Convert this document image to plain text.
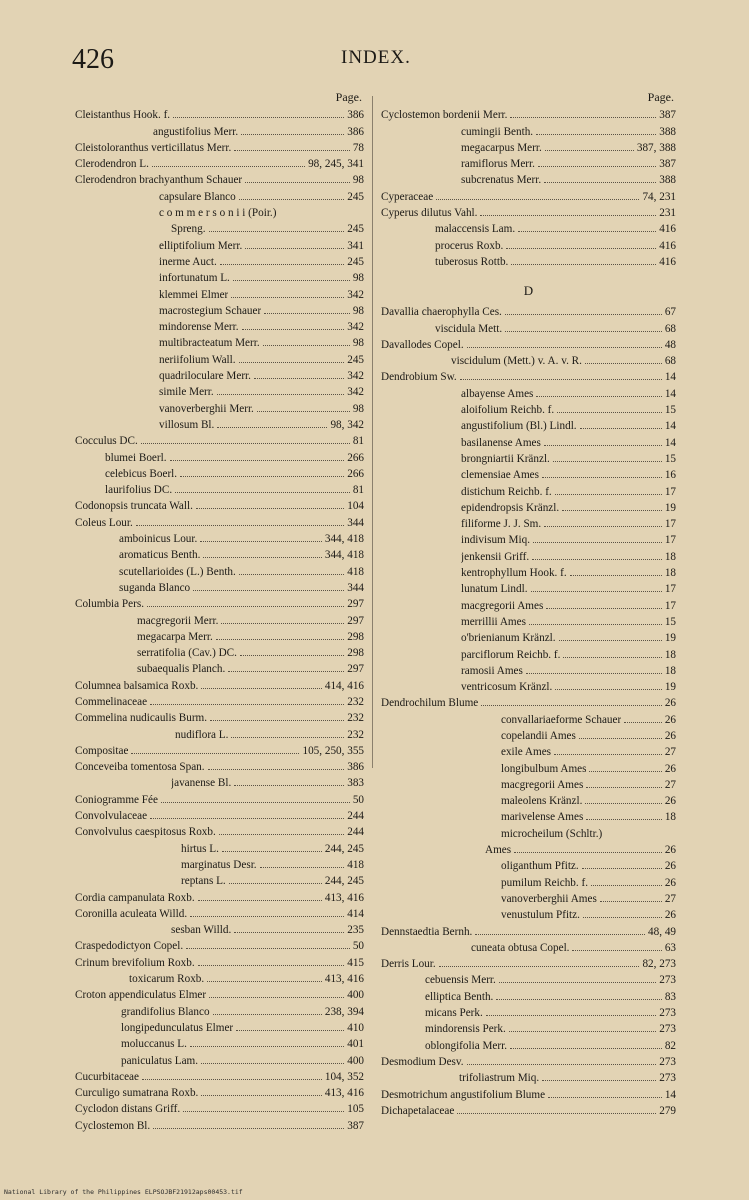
426	INDEX.
Page.
Cleistanthus Hook. f.	386
angustifolius Merr.	386
Cleistoloranthus verticillatus Merr.	78
Clerodendron L.	98, 245, 341
Clerodendron brachyanthum Schauer	98
capsulare Blanco	245
c o m m e r s o n i i (Poir.)
Spreng.	245
elliptifolium Merr.	341
inerme Auct.	245
infortunatum L.	98
klemmei Elmer	342
macrostegium Schauer	98
mindorense Merr.	342
multibracteatum Merr.	98
neriifolium Wall.	245
quadriloculare Merr.	342
simile Merr.	342
vanoverberghii Merr.	98
villosum Bl.	98, 342
Cocculus DC.	81
blumei Boerl.	266
celebicus Boerl.	266
laurifolius DC.	81
Codonopsis truncata Wall.	104
Coleus Lour.	344
amboinicus Lour.	344, 418
aromaticus Benth.	344, 418
scutellarioides (L.) Benth.	418
suganda Blanco	344
Columbia Pers.	297
macgregorii Merr.	297
megacarpa Merr.	298
serratifolia (Cav.) DC.	298
subaequalis Planch.	297
Columnea balsamica Roxb.	414, 416
Commelinaceae	232
Commelina nudicaulis Burm.	232
nudiflora L.	232
Compositae	105, 250, 355
Conceveiba tomentosa Span.	386
javanense Bl.	383
Coniogramme Fée	50
Convolvulaceae	244
Convolvulus caespitosus Roxb.	244
hirtus L.	244, 245
marginatus Desr.	418
reptans L.	244, 245
Cordia campanulata Roxb.	413, 416
Coronilla aculeata Willd.	414
sesban Willd.	235
Craspedodictyon Copel.	50
Crinum brevifolium Roxb.	415
toxicarum Roxb.	413, 416
Croton appendiculatus Elmer	400
grandifolius Blanco	238, 394
longipedunculatus Elmer	410
moluccanus L.	401
paniculatus Lam.	400
Cucurbitaceae	104, 352
Curculigo sumatrana Roxb.	413, 416
Cyclodon distans Griff.	105
Cyclostemon Bl.	387
Page.
Cyclostemon bordenii Merr.	387
cumingii Benth.	388
megacarpus Merr.	387, 388
ramiflorus Merr.	387
subcrenatus Merr.	388
Cyperaceae	74, 231
Cyperus dilutus Vahl.	231
malaccensis Lam.	416
procerus Roxb.	416
tuberosus Rottb.	416
D
Davallia chaerophylla Ces.	67
viscidula Mett.	68
Davallodes Copel.	48
viscidulum (Mett.) v. A. v. R.	68
Dendrobium Sw.	14
albayense Ames	14
aloifolium Reichb. f.	15
angustifolium (Bl.) Lindl.	14
basilanense Ames	14
brongniartii Kränzl.	15
clemensiae Ames	16
distichum Reichb. f.	17
epidendropsis Kränzl.	19
filiforme J. J. Sm.	17
indivisum Miq.	17
jenkensii Griff.	18
kentrophyllum Hook. f.	18
lunatum Lindl.	17
macgregorii Ames	17
merrillii Ames	15
o'brienianum Kränzl.	19
parciflorum Reichb. f.	18
ramosii Ames	18
ventricosum Kränzl.	19
Dendrochilum Blume	26
convallariaeforme Schauer	26
copelandii Ames	26
exile Ames	27
longibulbum Ames	26
macgregorii Ames	27
maleolens Kränzl.	26
marivelense Ames	18
microcheilum (Schltr.)
Ames	26
oliganthum Pfitz.	26
pumilum Reichb. f.	26
vanoverberghii Ames	27
venustulum Pfitz.	26
Dennstaedtia Bernh.	48, 49
cuneata obtusa Copel.	63
Derris Lour.	82, 273
cebuensis Merr.	273
elliptica Benth.	83
micans Perk.	273
mindorensis Perk.	273
oblongifolia Merr.	82
Desmodium Desv.	273
trifoliastrum Miq.	273
Desmotrichum angustifolium Blume	14
Dichapetalaceae	279
National Library of the Philippines ELPSOJBF21912aps00453.tif
